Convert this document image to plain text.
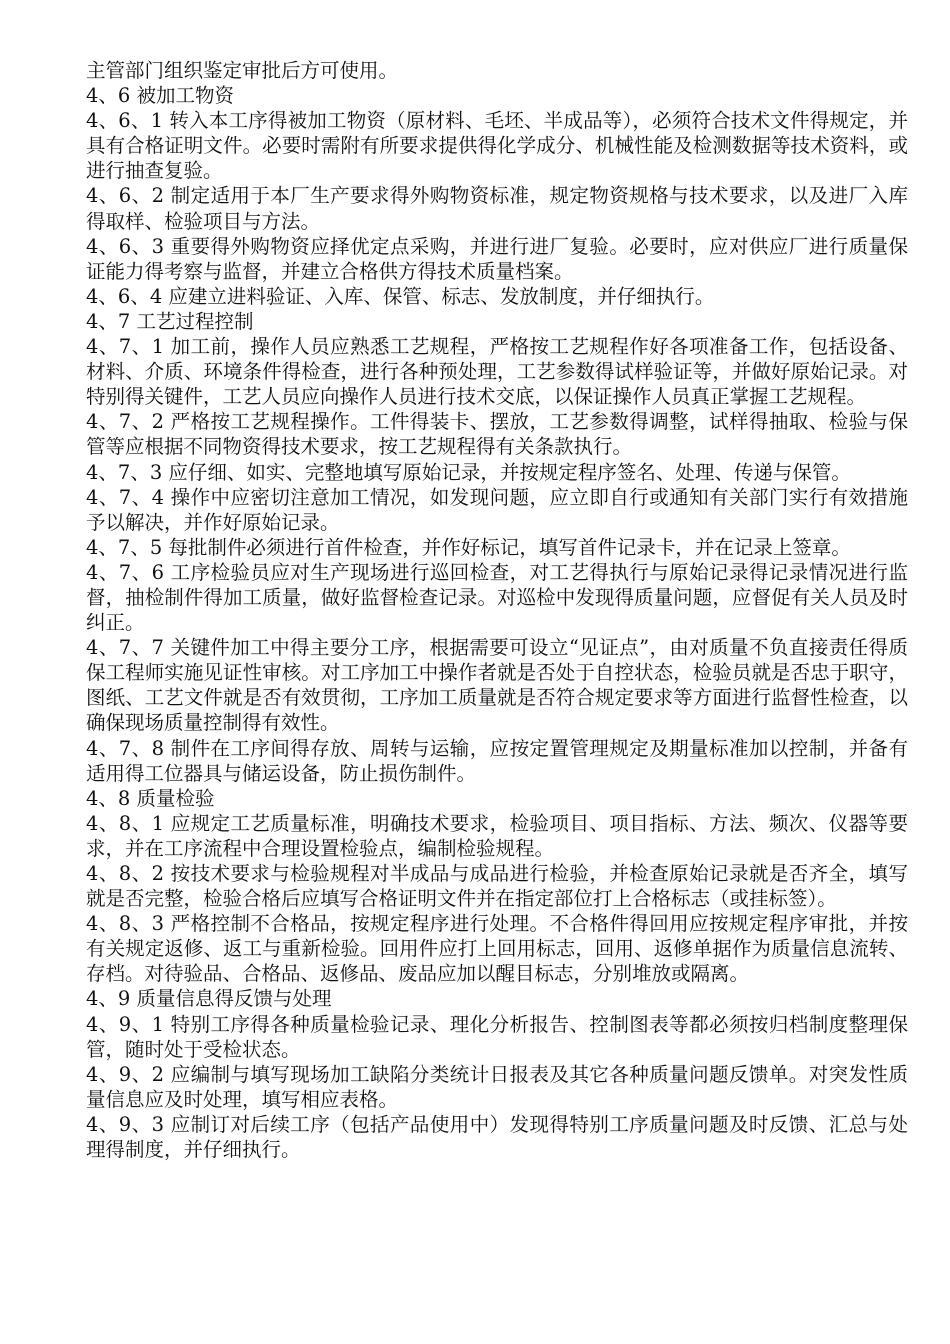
主管部门组织鉴定审批后方可使用。

4、6 被加工物资

4、6、1 转入本工序得被加工物资（原材料、毛坯、半成品等），必须符合技术文件得规定，并具有合格证明文件。必要时需附有所要求提供得化学成分、机械性能及检测数据等技术资料，或进行抽查复验。

4、6、2 制定适用于本厂生产要求得外购物资标准，规定物资规格与技术要求，以及进厂入库得取样、检验项目与方法。

4、6、3 重要得外购物资应择优定点采购，并进行进厂复验。必要时，应对供应厂进行质量保证能力得考察与监督，并建立合格供方得技术质量档案。

4、6、4 应建立进料验证、入库、保管、标志、发放制度，并仔细执行。

4、7 工艺过程控制

4、7、1 加工前，操作人员应熟悉工艺规程，严格按工艺规程作好各项准备工作，包括设备、材料、介质、环境条件得检查，进行各种预处理，工艺参数得试样验证等，并做好原始记录。对特别得关键件，工艺人员应向操作人员进行技术交底，以保证操作人员真正掌握工艺规程。

4、7、2 严格按工艺规程操作。工件得装卡、摆放，工艺参数得调整，试样得抽取、检验与保管等应根据不同物资得技术要求，按工艺规程得有关条款执行。

4、7、3 应仔细、如实、完整地填写原始记录，并按规定程序签名、处理、传递与保管。

4、7、4 操作中应密切注意加工情况，如发现问题，应立即自行或通知有关部门实行有效措施予以解决，并作好原始记录。

4、7、5 每批制件必须进行首件检查，并作好标记，填写首件记录卡，并在记录上签章。

4、7、6 工序检验员应对生产现场进行巡回检查，对工艺得执行与原始记录得记录情况进行监督，抽检制件得加工质量，做好监督检查记录。对巡检中发现得质量问题，应督促有关人员及时纠正。

4、7、7 关键件加工中得主要分工序，根据需要可设立“见证点”，由对质量不负直接责任得质保工程师实施见证性审核。对工序加工中操作者就是否处于自控状态，检验员就是否忠于职守，图纸、工艺文件就是否有效贯彻，工序加工质量就是否符合规定要求等方面进行监督性检查，以确保现场质量控制得有效性。

4、7、8 制件在工序间得存放、周转与运输，应按定置管理规定及期量标准加以控制，并备有适用得工位器具与储运设备，防止损伤制件。

4、8 质量检验

4、8、1 应规定工艺质量标准，明确技术要求，检验项目、项目指标、方法、频次、仪器等要求，并在工序流程中合理设置检验点，编制检验规程。

4、8、2 按技术要求与检验规程对半成品与成品进行检验，并检查原始记录就是否齐全，填写就是否完整，检验合格后应填写合格证明文件并在指定部位打上合格标志（或挂标签）。

4、8、3 严格控制不合格品，按规定程序进行处理。不合格件得回用应按规定程序审批，并按有关规定返修、返工与重新检验。回用件应打上回用标志，回用、返修单据作为质量信息流转、存档。对待验品、合格品、返修品、废品应加以醒目标志，分别堆放或隔离。

4、9 质量信息得反馈与处理

4、9、1 特别工序得各种质量检验记录、理化分析报告、控制图表等都必须按归档制度整理保管，随时处于受检状态。

4、9、2 应编制与填写现场加工缺陷分类统计日报表及其它各种质量问题反馈单。对突发性质量信息应及时处理，填写相应表格。

4、9、3 应制订对后续工序（包括产品使用中）发现得特别工序质量问题及时反馈、汇总与处理得制度，并仔细执行。
